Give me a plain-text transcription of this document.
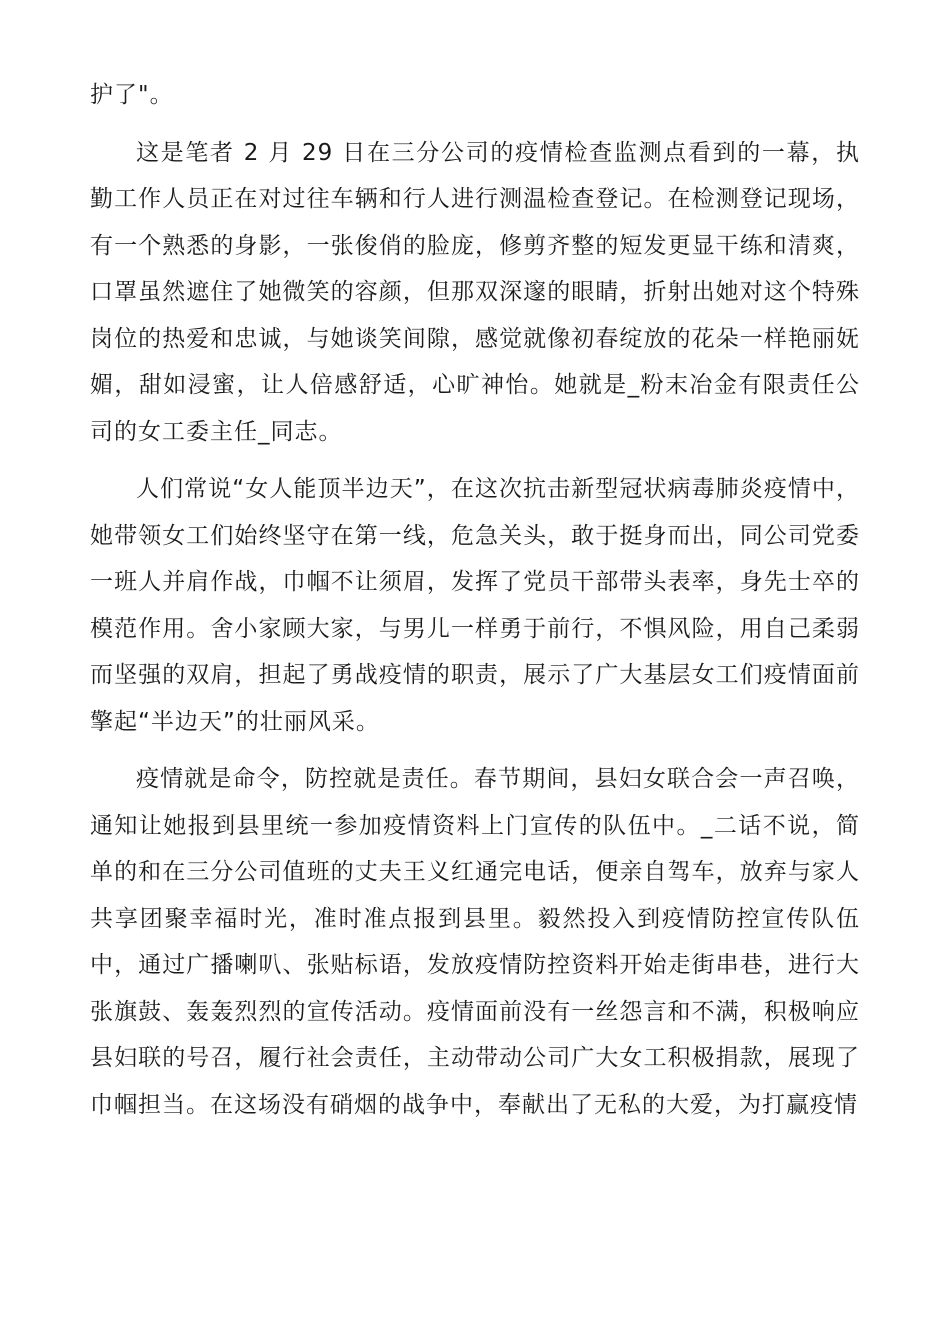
护了"。

这是笔者 2 月 29 日在三分公司的疫情检查监测点看到的一幕，执勤工作人员正在对过往车辆和行人进行测温检查登记。在检测登记现场，有一个熟悉的身影，一张俊俏的脸庞，修剪齐整的短发更显干练和清爽，口罩虽然遮住了她微笑的容颜，但那双深邃的眼睛，折射出她对这个特殊岗位的热爱和忠诚，与她谈笑间隙，感觉就像初春绽放的花朵一样艳丽妩媚，甜如浸蜜，让人倍感舒适，心旷神怡。她就是_粉末冶金有限责任公司的女工委主任_同志。

人们常说“女人能顶半边天”，在这次抗击新型冠状病毒肺炎疫情中，她带领女工们始终坚守在第一线，危急关头，敢于挺身而出，同公司党委一班人并肩作战，巾帼不让须眉，发挥了党员干部带头表率，身先士卒的模范作用。舍小家顾大家，与男儿一样勇于前行，不惧风险，用自己柔弱而坚强的双肩，担起了勇战疫情的职责，展示了广大基层女工们疫情面前擎起“半边天”的壮丽风采。

疫情就是命令，防控就是责任。春节期间，县妇女联合会一声召唤，通知让她报到县里统一参加疫情资料上门宣传的队伍中。_二话不说，简单的和在三分公司值班的丈夫王义红通完电话，便亲自驾车，放弃与家人共享团聚幸福时光，准时准点报到县里。毅然投入到疫情防控宣传队伍中，通过广播喇叭、张贴标语，发放疫情防控资料开始走街串巷，进行大张旗鼓、轰轰烈烈的宣传活动。疫情面前没有一丝怨言和不满，积极响应县妇联的号召，履行社会责任，主动带动公司广大女工积极捐款，展现了巾帼担当。在这场没有硝烟的战争中，奉献出了无私的大爱，为打赢疫情
